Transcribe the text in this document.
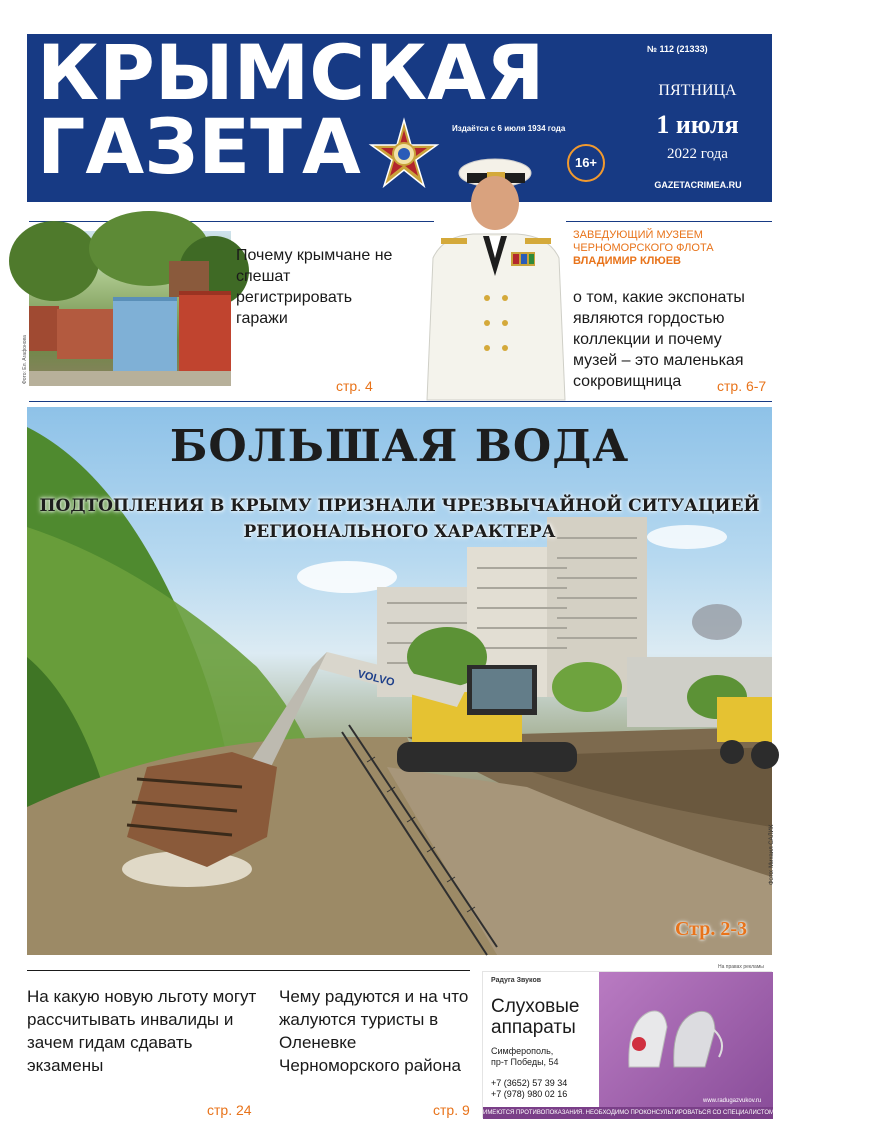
КРЫМСКАЯ
ГАЗЕТА	Издаётся с 6 июля 1934 года
16+
№ 112 (21333)
ПЯТНИЦА
1 июля
2022 года
GAZETACRIMEA.RU
Фото: Ел. Агафонова
Почему крымчане не спешат регистрировать гаражи
стр. 4
ЗАВЕДУЮЩИЙ МУЗЕЕМ
ЧЕРНОМОРСКОГО ФЛОТА
ВЛАДИМИР КЛЮЕВ
о том, какие экспонаты являются гордостью коллекции и почему музей – это маленькая сокровищница	стр. 6-7
VOLVO
БОЛЬШАЯ ВОДА
ПОДТОПЛЕНИЯ В КРЫМУ ПРИЗНАЛИ ЧРЕЗВЫЧАЙНОЙ СИТУАЦИЕЙ
РЕГИОНАЛЬНОГО ХАРАКТЕРА
Фото: Михаил САЛИК
Стр. 2-3
На какую новую льготу могут рассчитывать инвалиды и зачем гидам сдавать экзамены
стр. 24
Чему радуются и на что жалуются туристы в Оленевке Черноморского района
стр. 9
На правах рекламы
Центры хорошего слуха
www.radugazvukov.ru
Радуга Звуков
Слуховые
аппараты
Симферополь,
пр-т Победы, 54
+7 (3652) 57 39 34
+7 (978) 980 02 16
ИМЕЮТСЯ ПРОТИВОПОКАЗАНИЯ. НЕОБХОДИМО ПРОКОНСУЛЬТИРОВАТЬСЯ СО СПЕЦИАЛИСТОМ.
